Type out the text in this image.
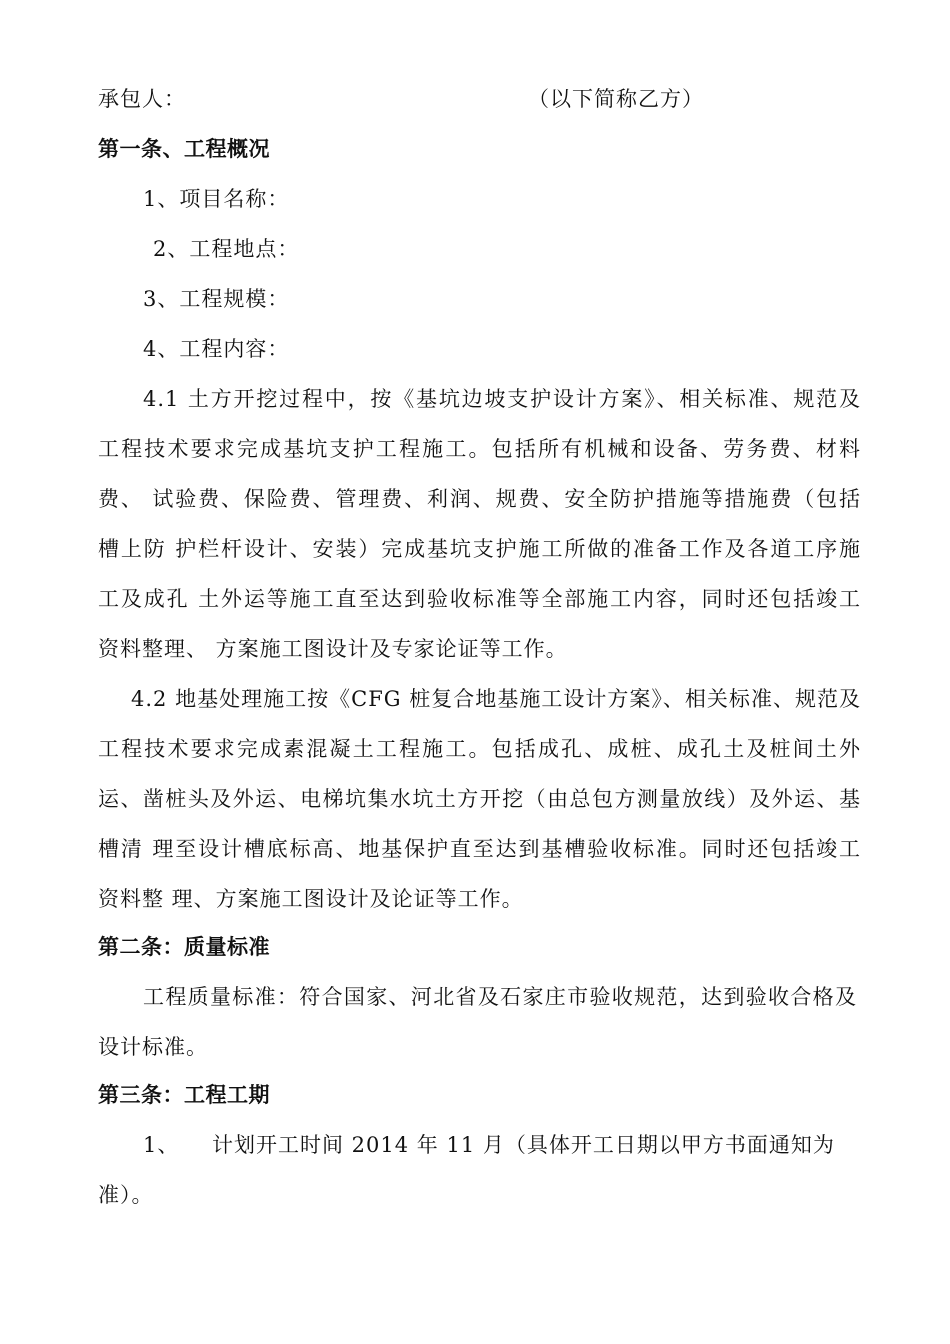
承包人：	（以下简称乙方）
第一条、工程概况
1、项目名称：
2、工程地点：
3、工程规模：
4、工程内容：
4.1 土方开挖过程中，按《基坑边坡支护设计方案》、相关标准、规范及
工程技术要求完成基坑支护工程施工。包括所有机械和设备、劳务费、材料
费、 试验费、保险费、管理费、利润、规费、安全防护措施等措施费（包括
槽上防 护栏杆设计、安装）完成基坑支护施工所做的准备工作及各道工序施
工及成孔 土外运等施工直至达到验收标准等全部施工内容，同时还包括竣工
资料整理、 方案施工图设计及专家论证等工作。
4.2 地基处理施工按《CFG 桩复合地基施工设计方案》、相关标准、规范及
工程技术要求完成素混凝土工程施工。包括成孔、成桩、成孔土及桩间土外
运、凿桩头及外运、电梯坑集水坑土方开挖（由总包方测量放线）及外运、基
槽清 理至设计槽底标高、地基保护直至达到基槽验收标准。同时还包括竣工
资料整 理、方案施工图设计及论证等工作。
第二条：质量标准
工程质量标准：符合国家、河北省及石家庄市验收规范，达到验收合格及
设计标准。
第三条：工程工期
1、 计划开工时间 2014 年 11 月（具体开工日期以甲方书面通知为
准）。
